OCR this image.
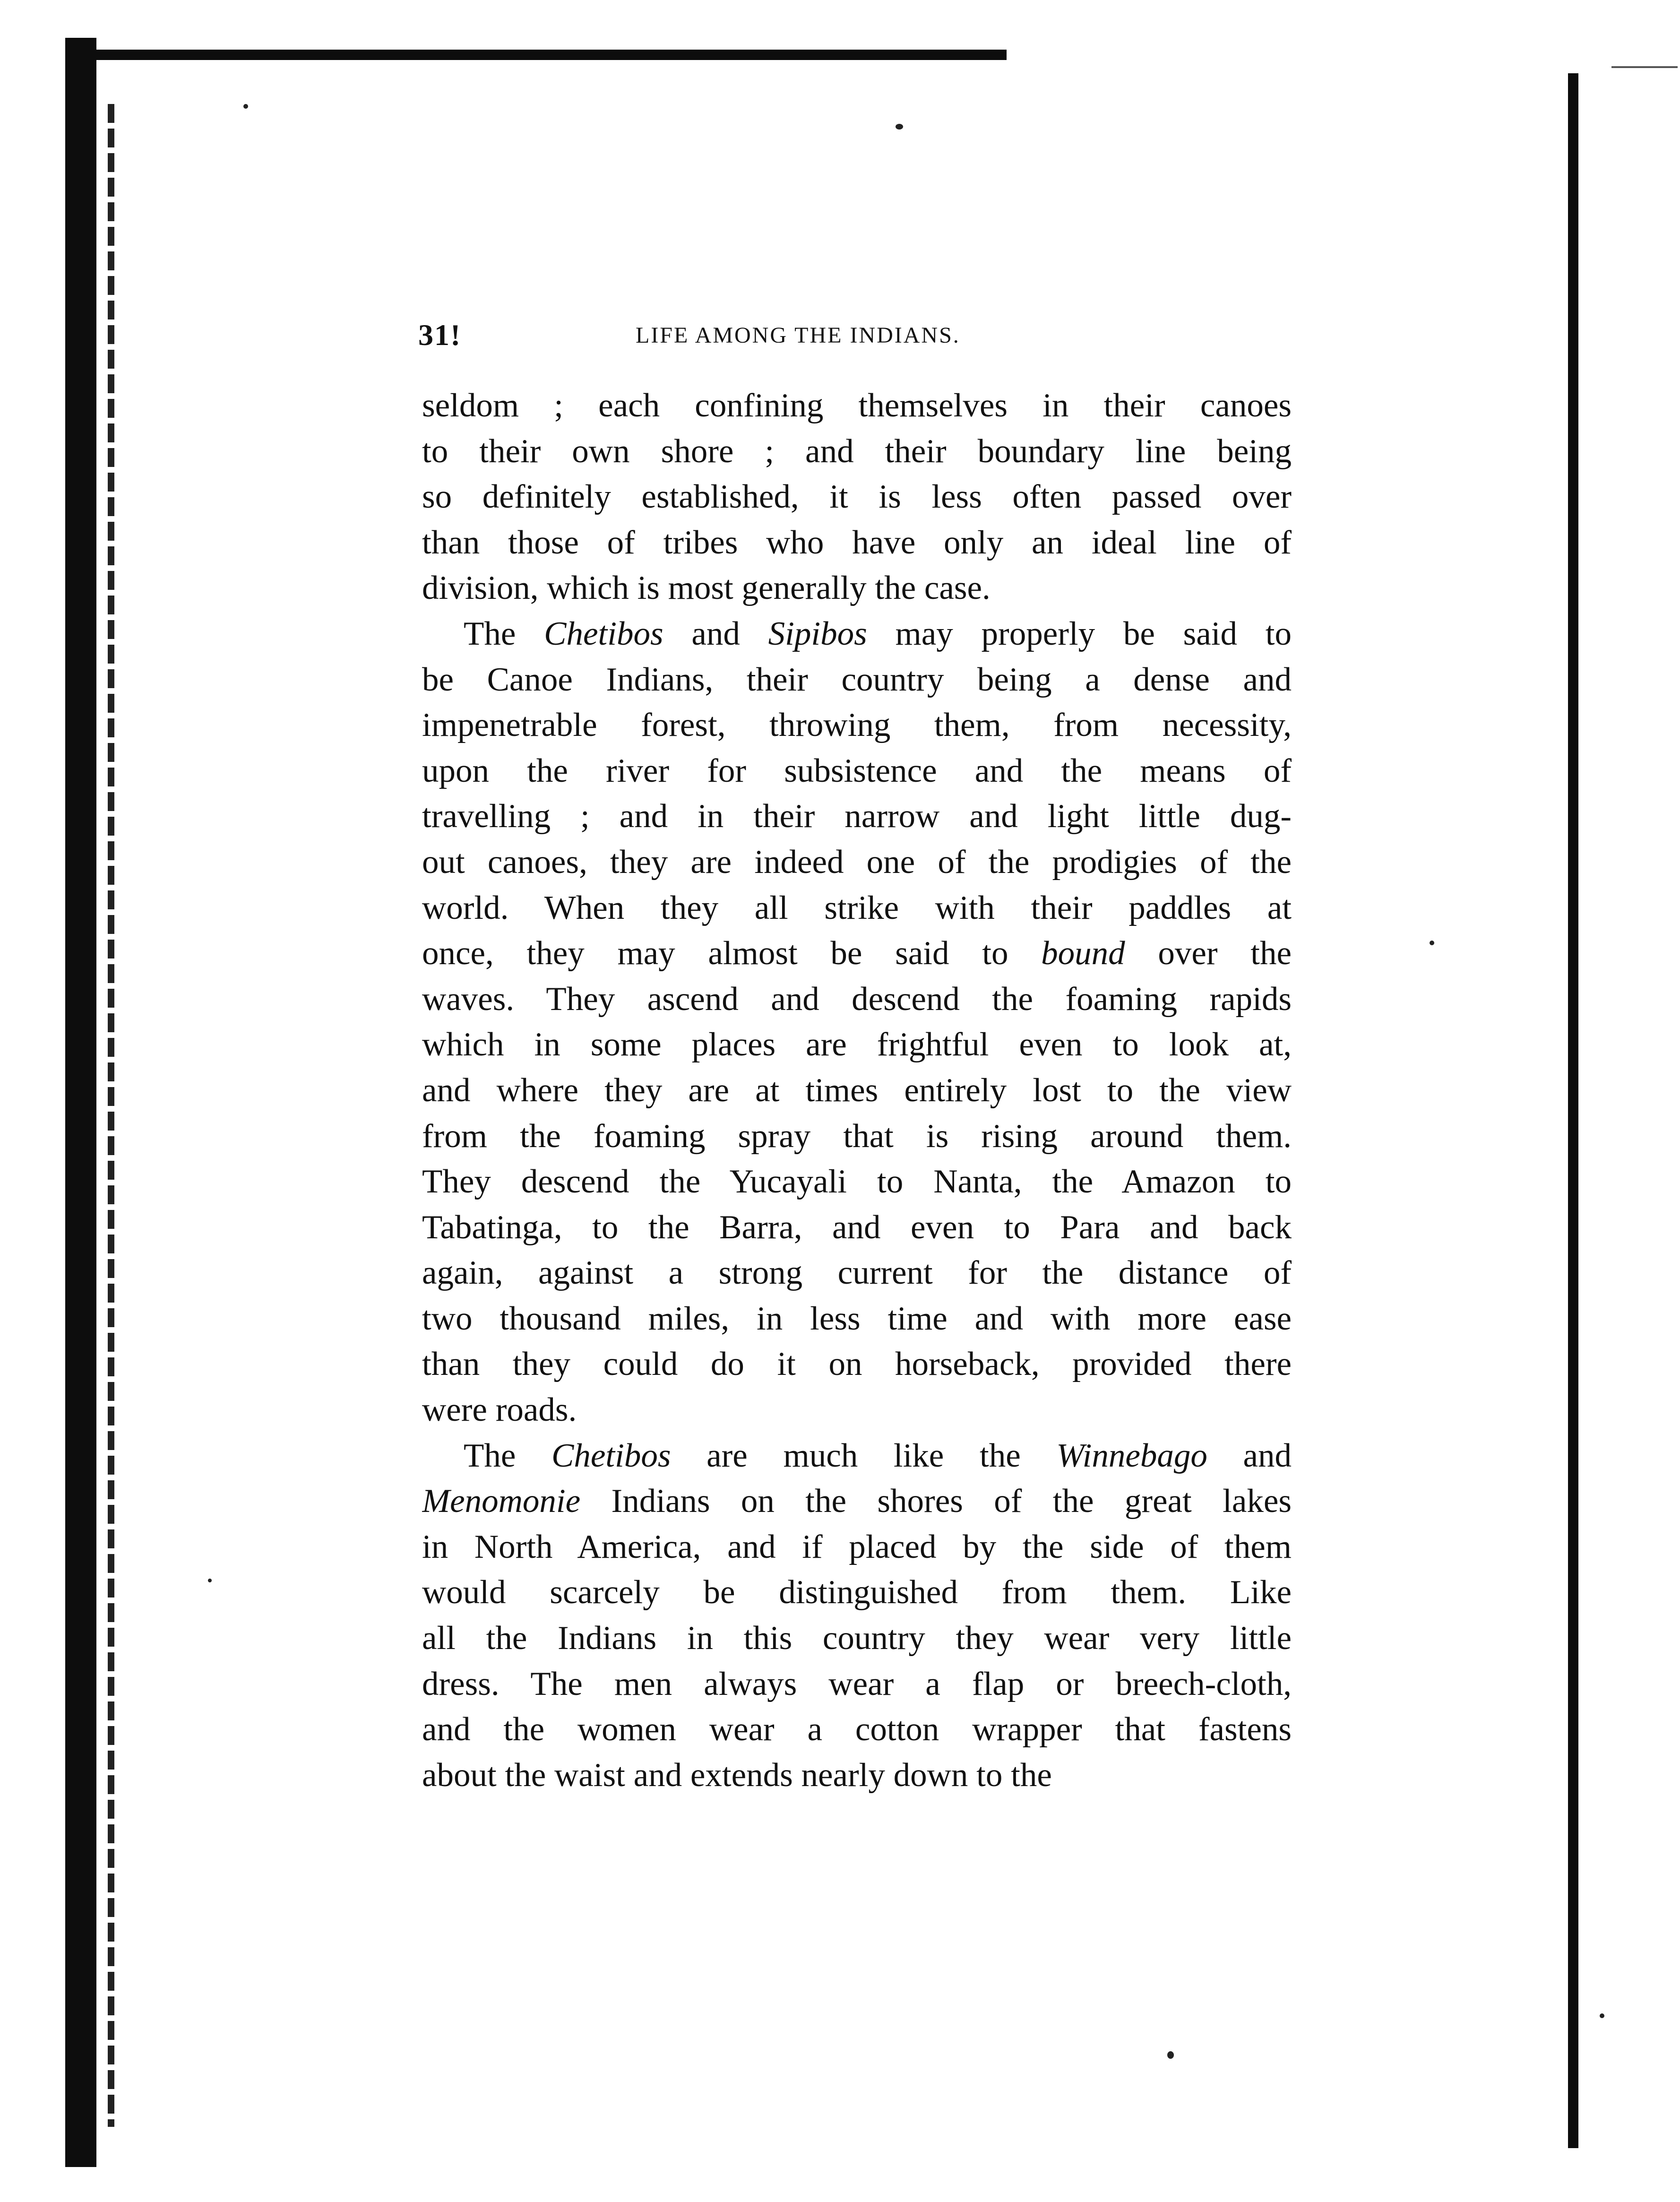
31!	LIFE AMONG THE INDIANS.
seldom ; each confining themselves in their canoes
to their own shore ; and their boundary line being
so definitely established, it is less often passed over
than those of tribes who have only an ideal line of
division, which is most generally the case.
The Chetibos and Sipibos may properly be said to
be Canoe Indians, their country being a dense and
impenetrable forest, throwing them, from necessity,
upon the river for subsistence and the means of
travelling ; and in their narrow and light little dug-
out canoes, they are indeed one of the prodigies of the
world. When they all strike with their paddles at
once, they may almost be said to bound over the
waves. They ascend and descend the foaming rapids
which in some places are frightful even to look at,
and where they are at times entirely lost to the view
from the foaming spray that is rising around them.
They descend the Yucayali to Nanta, the Amazon to
Tabatinga, to the Barra, and even to Para and back
again, against a strong current for the distance of
two thousand miles, in less time and with more ease
than they could do it on horseback, provided there
were roads.
The Chetibos are much like the Winnebago and
Menomonie Indians on the shores of the great lakes
in North America, and if placed by the side of them
would scarcely be distinguished from them. Like
all the Indians in this country they wear very little
dress. The men always wear a flap or breech-cloth,
and the women wear a cotton wrapper that fastens
about the waist and extends nearly down to the
